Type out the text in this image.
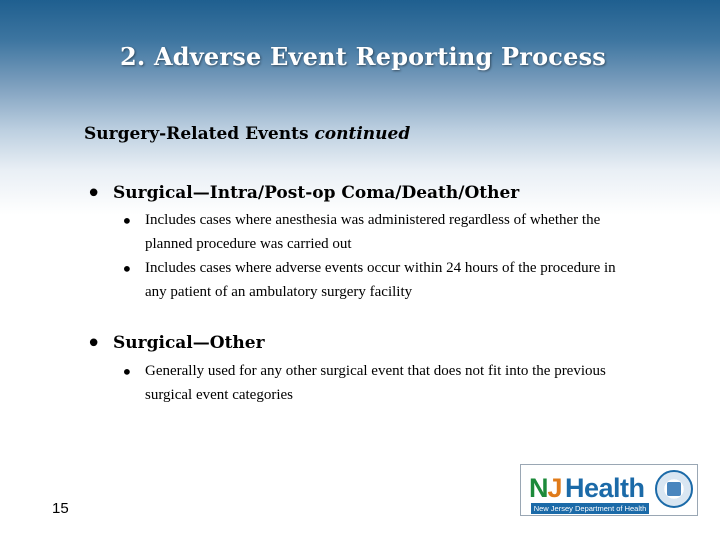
2. Adverse Event Reporting Process
Surgery-Related Events continued
• Surgical—Intra/Post-op Coma/Death/Other
• Includes cases where anesthesia was administered regardless of whether the planned procedure was carried out
• Includes cases where adverse events occur within 24 hours of the procedure in any patient of an ambulatory surgery facility
• Surgical—Other
• Generally used for any other surgical event that does not fit into the previous surgical event categories
15
NJ Health
New Jersey Department of Health
